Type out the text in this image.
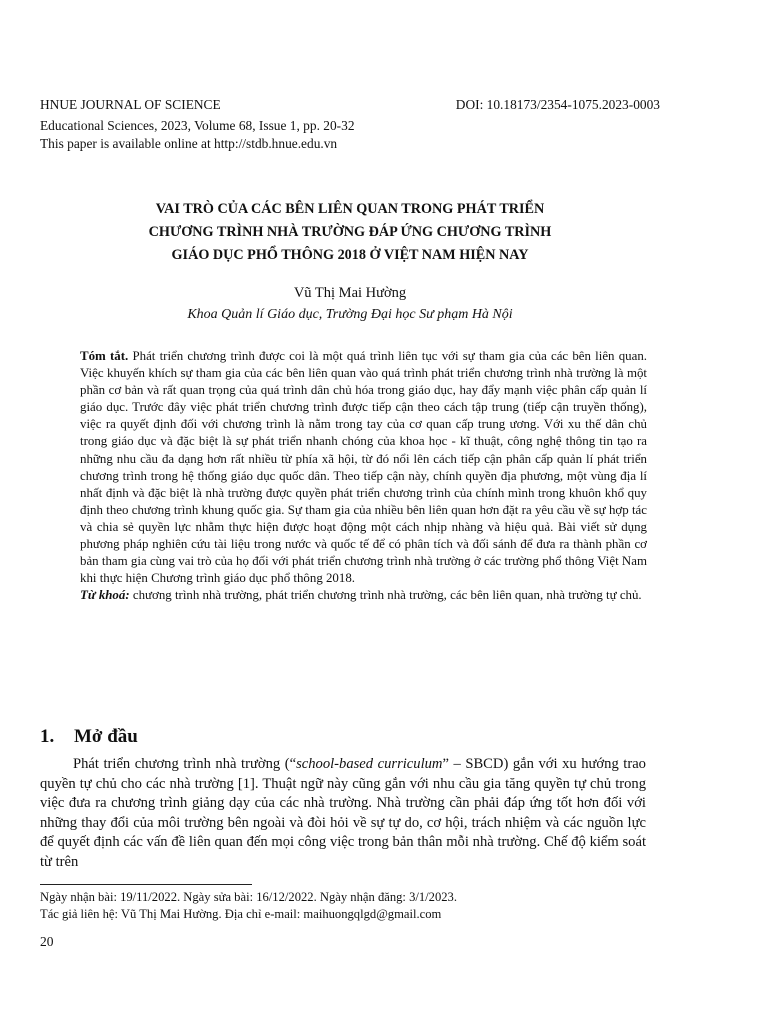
HNUE JOURNAL OF SCIENCE	DOI: 10.18173/2354-1075.2023-0003
Educational Sciences, 2023, Volume 68, Issue 1, pp. 20-32
This paper is available online at http://stdb.hnue.edu.vn
VAI TRÒ CỦA CÁC BÊN LIÊN QUAN TRONG PHÁT TRIỂN
CHƯƠNG TRÌNH NHÀ TRƯỜNG ĐÁP ỨNG CHƯƠNG TRÌNH
GIÁO DỤC PHỔ THÔNG 2018 Ở VIỆT NAM HIỆN NAY
Vũ Thị Mai Hường
Khoa Quản lí Giáo dục, Trường Đại học Sư phạm Hà Nội

Tóm tắt. Phát triển chương trình được coi là một quá trình liên tục với sự tham gia của các bên liên quan. Việc khuyến khích sự tham gia của các bên liên quan vào quá trình phát triển chương trình nhà trường là một phần cơ bản và rất quan trọng của quá trình dân chủ hóa trong giáo dục, hay đẩy mạnh việc phân cấp quản lí giáo dục. Trước đây việc phát triển chương trình được tiếp cận theo cách tập trung (tiếp cận truyền thống), việc ra quyết định đối với chương trình là nằm trong tay của cơ quan cấp trung ương. Với xu thế dân chủ trong giáo dục và đặc biệt là sự phát triển nhanh chóng của khoa học - kĩ thuật, công nghệ thông tin tạo ra những nhu cầu đa dạng hơn rất nhiều từ phía xã hội, từ đó nổi lên cách tiếp cận phân cấp quản lí phát triển chương trình trong hệ thống giáo dục quốc dân. Theo tiếp cận này, chính quyền địa phương, một vùng địa lí nhất định và đặc biệt là nhà trường được quyền phát triển chương trình của chính mình trong khuôn khổ quy định theo chương trình khung quốc gia. Sự tham gia của nhiều bên liên quan hơn đặt ra yêu cầu về sự hợp tác và chia sẻ quyền lực nhằm thực hiện được hoạt động một cách nhịp nhàng và hiệu quả. Bài viết sử dụng phương pháp nghiên cứu tài liệu trong nước và quốc tế để có phân tích và đối sánh để đưa ra thành phần cơ bản tham gia cùng vai trò của họ đối với phát triển chương trình nhà trường ở các trường phổ thông Việt Nam khi thực hiện Chương trình giáo dục phổ thông 2018.

Từ khoá: chương trình nhà trường, phát triển chương trình nhà trường, các bên liên quan, nhà trường tự chủ.

1. Mở đầu

Phát triển chương trình nhà trường (“school-based curriculum” – SBCD) gắn với xu hướng trao quyền tự chủ cho các nhà trường [1]. Thuật ngữ này cũng gắn với nhu cầu gia tăng quyền tự chủ trong việc đưa ra chương trình giảng dạy của các nhà trường. Nhà trường cần phải đáp ứng tốt hơn đối với những thay đổi của môi trường bên ngoài và đòi hỏi về sự tự do, cơ hội, trách nhiệm và các nguồn lực để quyết định các vấn đề liên quan đến mọi công việc trong bản thân mỗi nhà trường. Chế độ kiểm soát từ trên

Ngày nhận bài: 19/11/2022. Ngày sửa bài: 16/12/2022. Ngày nhận đăng: 3/1/2023.
Tác giả liên hệ: Vũ Thị Mai Hường. Địa chỉ e-mail: maihuongqlgd@gmail.com
20
